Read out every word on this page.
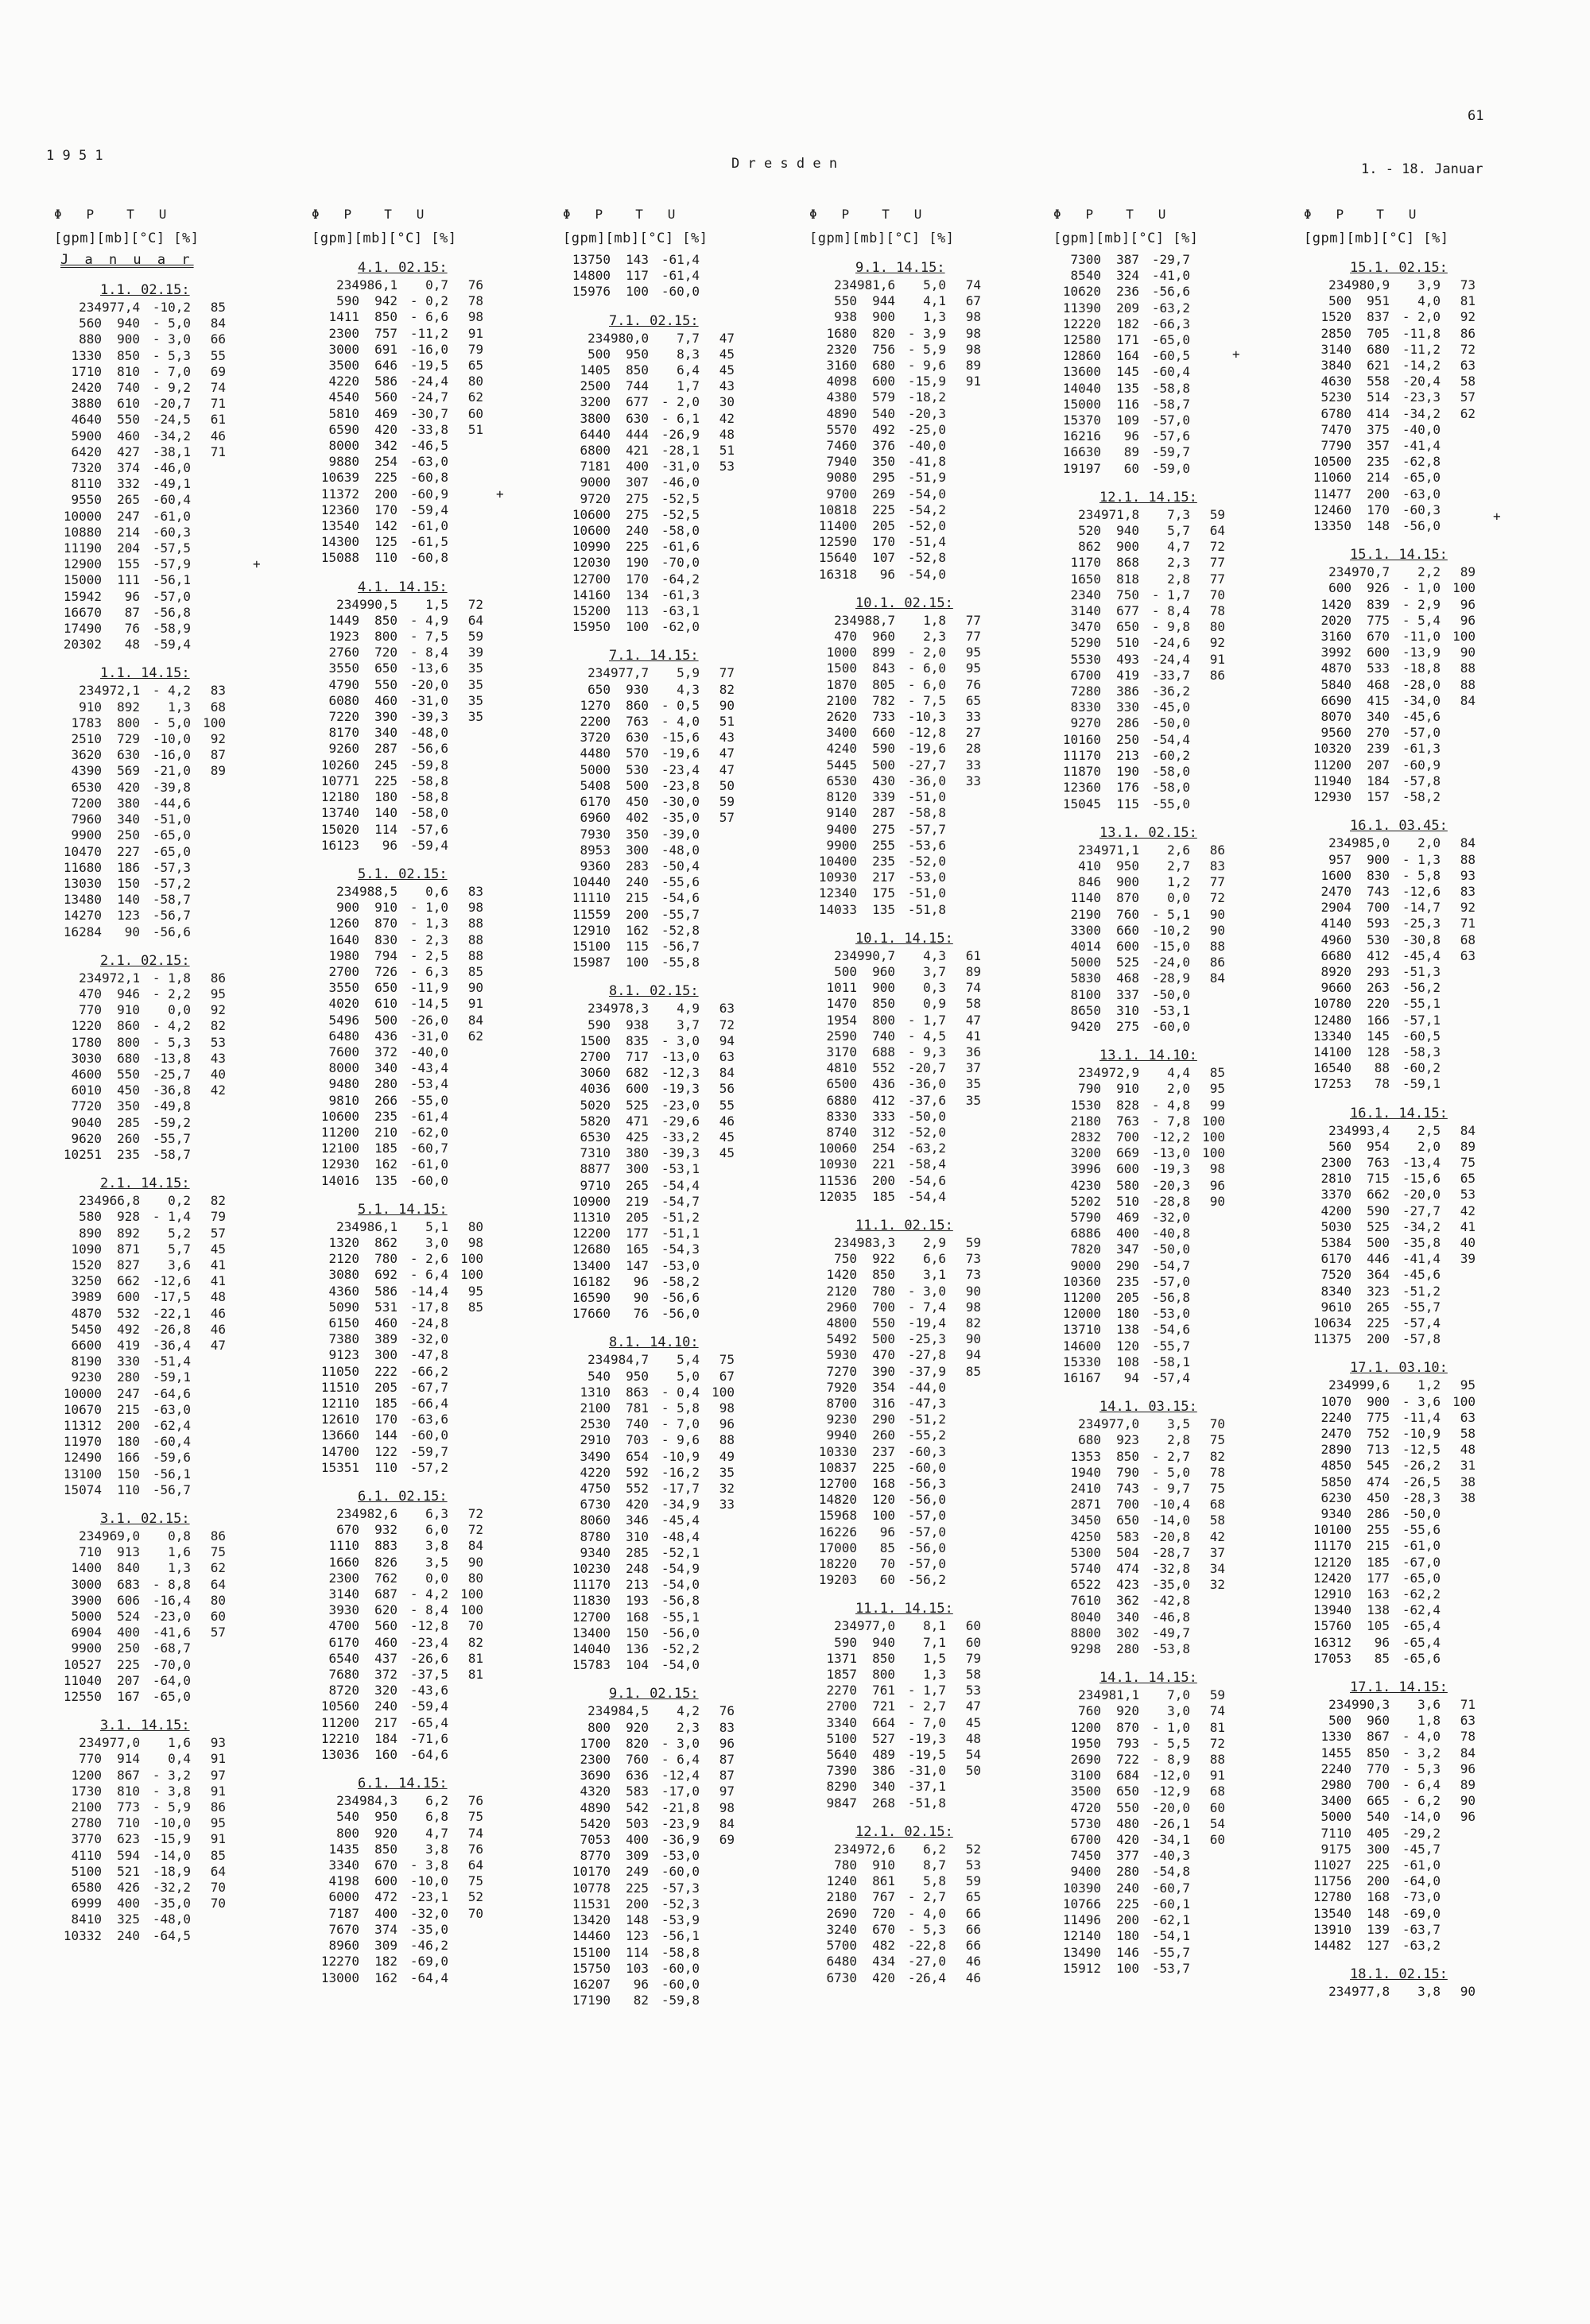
61
1 9 5 1	D r e s d e n	1. - 18. Januar
Φ   P    T   U
[gpm][mb][°C] [%]
J a n u a r
1.1. 02.15:
234977,4 -10,2 85
560 940 - 5,0 84
880 900 - 3,0 66
1330 850 - 5,3 55
1710 810 - 7,0 69
2420 740 - 9,2 74
3880 610 -20,7 71
4640 550 -24,5 61
5900 460 -34,2 46
6420 427 -38,1 71
7320 374 -46,0
8110 332 -49,1
9550 265 -60,4
10000 247 -61,0
10880 214 -60,3
11190 204 -57,5
12900 155 -57,9
15000 111 -56,1
15942 96 -57,0
16670 87 -56,8
17490 76 -58,9
20302 48 -59,4
1.1. 14.15:
234972,1 - 4,2 83
910 892 1,3 68
1783 800 - 5,0 100
2510 729 -10,0 92
3620 630 -16,0 87
4390 569 -21,0 89
6530 420 -39,8
7200 380 -44,6
7960 340 -51,0
9900 250 -65,0
10470 227 -65,0
11680 186 -57,3
13030 150 -57,2
13480 140 -58,7
14270 123 -56,7
16284 90 -56,6
2.1. 02.15:
234972,1 - 1,8 86
470 946 - 2,2 95
770 910 0,0 92
1220 860 - 4,2 82
1780 800 - 5,3 53
3030 680 -13,8 43
4600 550 -25,7 40
6010 450 -36,8 42
7720 350 -49,8
9040 285 -59,2
9620 260 -55,7
10251 235 -58,7
2.1. 14.15:
234966,8 0,2 82
580 928 - 1,4 79
890 892 5,2 57
1090 871 5,7 45
1520 827 3,6 41
3250 662 -12,6 41
3989 600 -17,5 48
4870 532 -22,1 46
5450 492 -26,8 46
6600 419 -36,4 47
8190 330 -51,4
9230 280 -59,1
10000 247 -64,6
10670 215 -63,0
11312 200 -62,4
11970 180 -60,4
12490 166 -59,6
13100 150 -56,1
15074 110 -56,7
3.1. 02.15:
234969,0 0,8 86
710 913 1,6 75
1400 840 1,3 62
3000 683 - 8,8 64
3900 606 -16,4 80
5000 524 -23,0 60
6904 400 -41,6 57
9900 250 -68,7
10527 225 -70,0
11040 207 -64,0
12550 167 -65,0
3.1. 14.15:
234977,0 1,6 93
770 914 0,4 91
1200 867 - 3,2 97
1730 810 - 3,8 91
2100 773 - 5,9 86
2780 710 -10,0 95
3770 623 -15,9 91
4110 594 -14,0 85
5100 521 -18,9 64
6580 426 -32,2 70
6999 400 -35,0 70
8410 325 -48,0
10332 240 -64,5
Φ   P    T   U
[gpm][mb][°C] [%]
4.1. 02.15:
234986,1 0,7 76
590 942 - 0,2 78
1411 850 - 6,6 98
2300 757 -11,2 91
3000 691 -16,0 79
3500 646 -19,5 65
4220 586 -24,4 80
4540 560 -24,7 62
5810 469 -30,7 60
6590 420 -33,8 51
8000 342 -46,5
9880 254 -63,0
10639 225 -60,8
11372 200 -60,9
12360 170 -59,4
13540 142 -61,0
14300 125 -61,5
15088 110 -60,8
4.1. 14.15:
234990,5 1,5 72
1449 850 - 4,9 64
1923 800 - 7,5 59
2760 720 - 8,4 39
3550 650 -13,6 35
4790 550 -20,0 35
6080 460 -31,0 35
7220 390 -39,3 35
8170 340 -48,0
9260 287 -56,6
10260 245 -59,8
10771 225 -58,8
12180 180 -58,8
13740 140 -58,0
15020 114 -57,6
16123 96 -59,4
5.1. 02.15:
234988,5 0,6 83
900 910 - 1,0 98
1260 870 - 1,3 88
1640 830 - 2,3 88
1980 794 - 2,5 88
2700 726 - 6,3 85
3550 650 -11,9 90
4020 610 -14,5 91
5496 500 -26,0 84
6480 436 -31,0 62
7600 372 -40,0
8000 340 -43,4
9480 280 -53,4
9810 266 -55,0
10600 235 -61,4
11200 210 -62,0
12100 185 -60,7
12930 162 -61,0
14016 135 -60,0
5.1. 14.15:
234986,1 5,1 80
1320 862 3,0 98
2120 780 - 2,6 100
3080 692 - 6,4 100
4360 586 -14,4 95
5090 531 -17,8 85
6150 460 -24,8
7380 389 -32,0
9123 300 -47,8
11050 222 -66,2
11510 205 -67,7
12110 185 -66,4
12610 170 -63,6
13660 144 -60,0
14700 122 -59,7
15351 110 -57,2
6.1. 02.15:
234982,6 6,3 72
670 932 6,0 72
1110 883 3,8 84
1660 826 3,5 90
2300 762 0,0 80
3140 687 - 4,2 100
3930 620 - 8,4 100
4700 560 -12,8 70
6170 460 -23,4 82
6540 437 -26,6 81
7680 372 -37,5 81
8720 320 -43,6
10560 240 -59,4
11200 217 -65,4
12210 184 -71,6
13036 160 -64,6
6.1. 14.15:
234984,3 6,2 76
540 950 6,8 75
800 920 4,7 74
1435 850 3,8 76
3340 670 - 3,8 64
4198 600 -10,0 75
6000 472 -23,1 52
7187 400 -32,0 70
7670 374 -35,0
8960 309 -46,2
12270 182 -69,0
13000 162 -64,4
Φ   P    T   U
[gpm][mb][°C] [%]
13750 143 -61,4
14800 117 -61,4
15976 100 -60,0
7.1. 02.15:
234980,0 7,7 47
500 950 8,3 45
1405 850 6,4 45
2500 744 1,7 43
3200 677 - 2,0 30
3800 630 - 6,1 42
6440 444 -26,9 48
6800 421 -28,1 51
7181 400 -31,0 53
9000 307 -46,0
9720 275 -52,5
10600 275 -52,5
10600 240 -58,0
10990 225 -61,6
12030 190 -70,0
12700 170 -64,2
14160 134 -61,3
15200 113 -63,1
15950 100 -62,0
7.1. 14.15:
234977,7 5,9 77
650 930 4,3 82
1270 860 - 0,5 90
2200 763 - 4,0 51
3720 630 -15,6 43
4480 570 -19,6 47
5000 530 -23,4 47
5408 500 -23,8 50
6170 450 -30,0 59
6960 402 -35,0 57
7930 350 -39,0
8953 300 -48,0
9360 283 -50,4
10440 240 -55,6
11110 215 -54,6
11559 200 -55,7
12910 162 -52,8
15100 115 -56,7
15987 100 -55,8
8.1. 02.15:
234978,3 4,9 63
590 938 3,7 72
1500 835 - 3,0 94
2700 717 -13,0 63
3060 682 -12,3 84
4036 600 -19,3 56
5020 525 -23,0 55
5820 471 -29,6 46
6530 425 -33,2 45
7310 380 -39,3 45
8877 300 -53,1
9710 265 -54,4
10900 219 -54,7
11310 205 -51,2
12200 177 -51,1
12680 165 -54,3
13400 147 -53,0
16182 96 -58,2
16590 90 -56,6
17660 76 -56,0
8.1. 14.10:
234984,7 5,4 75
540 950 5,0 67
1310 863 - 0,4 100
2100 781 - 5,8 98
2530 740 - 7,0 96
2910 703 - 9,6 88
3490 654 -10,9 49
4220 592 -16,2 35
4750 552 -17,7 32
6730 420 -34,9 33
8060 346 -45,4
8780 310 -48,4
9340 285 -52,1
10230 248 -54,9
11170 213 -54,0
11830 193 -56,8
12700 168 -55,1
13400 150 -56,0
14040 136 -52,2
15783 104 -54,0
9.1. 02.15:
234984,5 4,2 76
800 920 2,3 83
1700 820 - 3,0 96
2300 760 - 6,4 87
3690 636 -12,4 87
4320 583 -17,0 97
4890 542 -21,8 98
5420 503 -23,9 84
7053 400 -36,9 69
8770 309 -53,0
10170 249 -60,0
10778 225 -57,3
11531 200 -52,3
13420 148 -53,9
14460 123 -56,1
15100 114 -58,8
15750 103 -60,0
16207 96 -60,0
17190 82 -59,8
Φ   P    T   U
[gpm][mb][°C] [%]
9.1. 14.15:
234981,6 5,0 74
550 944 4,1 67
938 900 1,3 98
1680 820 - 3,9 98
2320 756 - 5,9 98
3160 680 - 9,6 89
4098 600 -15,9 91
4380 579 -18,2
4890 540 -20,3
5570 492 -25,0
7460 376 -40,0
7940 350 -41,8
9080 295 -51,9
9700 269 -54,0
10818 225 -54,2
11400 205 -52,0
12590 170 -51,4
15640 107 -52,8
16318 96 -54,0
10.1. 02.15:
234988,7 1,8 77
470 960 2,3 77
1000 899 - 2,0 95
1500 843 - 6,0 95
1870 805 - 6,0 76
2100 782 - 7,5 65
2620 733 -10,3 33
3400 660 -12,8 27
4240 590 -19,6 28
5445 500 -27,7 33
6530 430 -36,0 33
8120 339 -51,0
9140 287 -58,8
9400 275 -57,7
9900 255 -53,6
10400 235 -52,0
10930 217 -53,0
12340 175 -51,0
14033 135 -51,8
10.1. 14.15:
234990,7 4,3 61
500 960 3,7 89
1011 900 0,3 74
1470 850 0,9 58
1954 800 - 1,7 47
2590 740 - 4,5 41
3170 688 - 9,3 36
4810 552 -20,7 37
6500 436 -36,0 35
6880 412 -37,6 35
8330 333 -50,0
8740 312 -52,0
10060 254 -63,2
10930 221 -58,4
11536 200 -54,6
12035 185 -54,4
11.1. 02.15:
234983,3 2,9 59
750 922 6,6 73
1420 850 3,1 73
2120 780 - 3,0 90
2960 700 - 7,4 98
4800 550 -19,4 82
5492 500 -25,3 90
5930 470 -27,8 94
7270 390 -37,9 85
7920 354 -44,0
8700 316 -47,3
9230 290 -51,2
9940 260 -55,2
10330 237 -60,3
10837 225 -60,0
12700 168 -56,3
14820 120 -56,0
15968 100 -57,0
16226 96 -57,0
17000 85 -56,0
18220 70 -57,0
19203 60 -56,2
11.1. 14.15:
234977,0 8,1 60
590 940 7,1 60
1371 850 1,5 79
1857 800 1,3 58
2270 761 - 1,7 53
2700 721 - 2,7 47
3340 664 - 7,0 45
5100 527 -19,3 48
5640 489 -19,5 54
7390 386 -31,0 50
8290 340 -37,1
9847 268 -51,8
12.1. 02.15:
234972,6 6,2 52
780 910 8,7 53
1240 861 5,8 59
2180 767 - 2,7 65
2690 720 - 4,0 66
3240 670 - 5,3 66
5700 482 -22,8 66
6480 434 -27,0 46
6730 420 -26,4 46
Φ   P    T   U
[gpm][mb][°C] [%]
7300 387 -29,7
8540 324 -41,0
10620 236 -56,6
11390 209 -63,2
12220 182 -66,3
12580 171 -65,0
12860 164 -60,5
13600 145 -60,4
14040 135 -58,8
15000 116 -58,7
15370 109 -57,0
16216 96 -57,6
16630 89 -59,7
19197 60 -59,0
12.1. 14.15:
234971,8 7,3 59
520 940 5,7 64
862 900 4,7 72
1170 868 2,3 77
1650 818 2,8 77
2340 750 - 1,7 70
3140 677 - 8,4 78
3470 650 - 9,8 80
5290 510 -24,6 92
5530 493 -24,4 91
6700 419 -33,7 86
7280 386 -36,2
8330 330 -45,0
9270 286 -50,0
10160 250 -54,4
11170 213 -60,2
11870 190 -58,0
12360 176 -58,0
15045 115 -55,0
13.1. 02.15:
234971,1 2,6 86
410 950 2,7 83
846 900 1,2 77
1140 870 0,0 72
2190 760 - 5,1 90
3300 660 -10,2 90
4014 600 -15,0 88
5000 525 -24,0 86
5830 468 -28,9 84
8100 337 -50,0
8650 310 -53,1
9420 275 -60,0
13.1. 14.10:
234972,9 4,4 85
790 910 2,0 95
1530 828 - 4,8 99
2180 763 - 7,8 100
2832 700 -12,2 100
3200 669 -13,0 100
3996 600 -19,3 98
4230 580 -20,3 96
5202 510 -28,8 90
5790 469 -32,0
6886 400 -40,8
7820 347 -50,0
9000 290 -54,7
10360 235 -57,0
11200 205 -56,8
12000 180 -53,0
13710 138 -54,6
14600 120 -55,7
15330 108 -58,1
16167 94 -57,4
14.1. 03.15:
234977,0 3,5 70
680 923 2,8 75
1353 850 - 2,7 82
1940 790 - 5,0 78
2410 743 - 9,7 75
2871 700 -10,4 68
3450 650 -14,0 58
4250 583 -20,8 42
5300 504 -28,7 37
5740 474 -32,8 34
6522 423 -35,0 32
7610 362 -42,8
8040 340 -46,8
8800 302 -49,7
9298 280 -53,8
14.1. 14.15:
234981,1 7,0 59
760 920 3,0 74
1200 870 - 1,0 81
1950 793 - 5,5 72
2690 722 - 8,9 88
3100 684 -12,0 91
3500 650 -12,9 68
4720 550 -20,0 60
5730 480 -26,1 54
6700 420 -34,1 60
7450 377 -40,3
9400 280 -54,8
10390 240 -60,7
10766 225 -60,1
11496 200 -62,1
12140 180 -54,1
13490 146 -55,7
15912 100 -53,7
Φ   P    T   U
[gpm][mb][°C] [%]
15.1. 02.15:
234980,9 3,9 73
500 951 4,0 81
1520 837 - 2,0 92
2850 705 -11,8 86
3140 680 -11,2 72
3840 621 -14,2 63
4630 558 -20,4 58
5230 514 -23,3 57
6780 414 -34,2 62
7470 375 -40,0
7790 357 -41,4
10500 235 -62,8
11060 214 -65,0
11477 200 -63,0
12460 170 -60,3
13350 148 -56,0
15.1. 14.15:
234970,7 2,2 89
600 926 - 1,0 100
1420 839 - 2,9 96
2020 775 - 5,4 96
3160 670 -11,0 100
3992 600 -13,9 90
4870 533 -18,8 88
5840 468 -28,0 88
6690 415 -34,0 84
8070 340 -45,6
9560 270 -57,0
10320 239 -61,3
11200 207 -60,9
11940 184 -57,8
12930 157 -58,2
16.1. 03.45:
234985,0 2,0 84
957 900 - 1,3 88
1600 830 - 5,8 93
2470 743 -12,6 83
2904 700 -14,7 92
4140 593 -25,3 71
4960 530 -30,8 68
6680 412 -45,4 63
8920 293 -51,3
9660 263 -56,2
10780 220 -55,1
12480 166 -57,1
13340 145 -60,5
14100 128 -58,3
16540 88 -60,2
17253 78 -59,1
16.1. 14.15:
234993,4 2,5 84
560 954 2,0 89
2300 763 -13,4 75
2810 715 -15,6 65
3370 662 -20,0 53
4200 590 -27,7 42
5030 525 -34,2 41
5384 500 -35,8 40
6170 446 -41,4 39
7520 364 -45,6
8340 323 -51,2
9610 265 -55,7
10634 225 -57,4
11375 200 -57,8
17.1. 03.10:
234999,6 1,2 95
1070 900 - 3,6 100
2240 775 -11,4 63
2470 752 -10,9 58
2890 713 -12,5 48
4850 545 -26,2 31
5850 474 -26,5 38
6230 450 -28,3 38
9340 286 -50,0
10100 255 -55,6
11170 215 -61,0
12120 185 -67,0
12420 177 -65,0
12910 163 -62,2
13940 138 -62,4
15760 105 -65,4
16312 96 -65,4
17053 85 -65,6
17.1. 14.15:
234990,3 3,6 71
500 960 1,8 63
1330 867 - 4,0 78
1455 850 - 3,2 84
2240 770 - 5,3 96
2980 700 - 6,4 89
3400 665 - 6,2 90
5000 540 -14,0 96
7110 405 -29,2
9175 300 -45,7
11027 225 -61,0
11756 200 -64,0
12780 168 -73,0
13540 148 -69,0
13910 139 -63,7
14482 127 -63,2
18.1. 02.15:
234977,8 3,8 90
+
+
+
+
